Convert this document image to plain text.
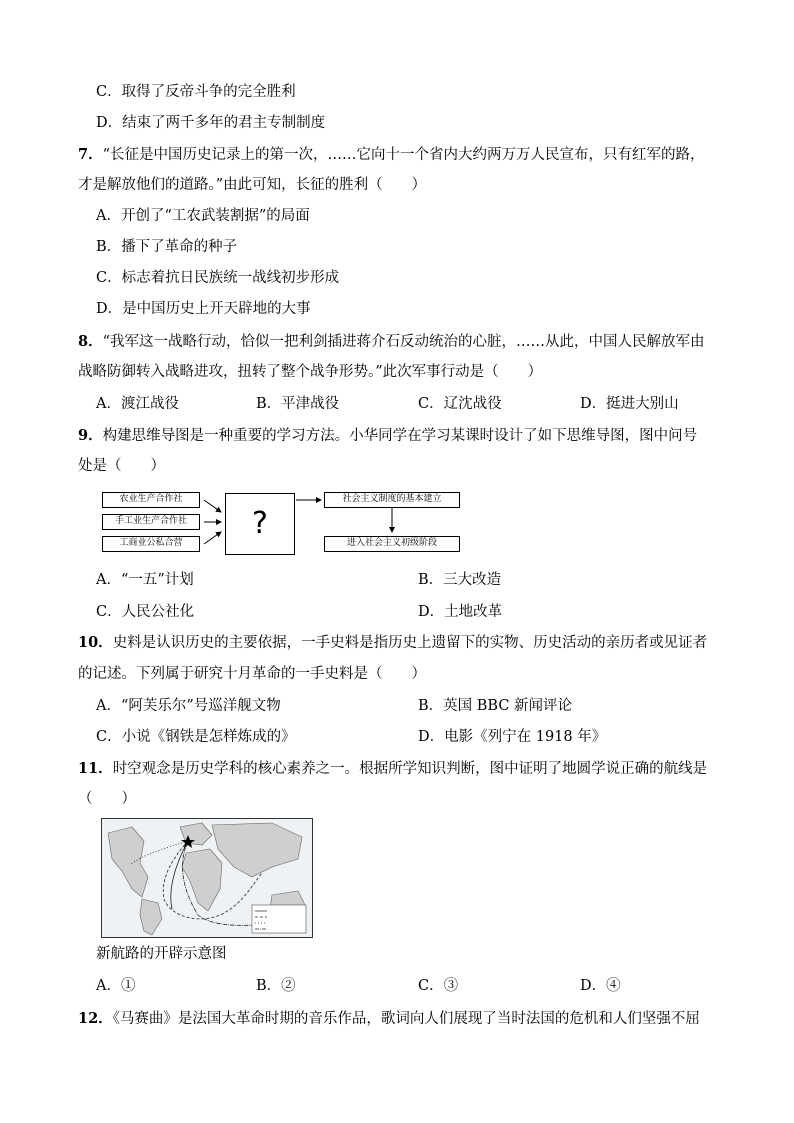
C．取得了反帝斗争的完全胜利
D．结束了两千多年的君主专制制度
7．“长征是中国历史记录上的第一次，……它向十一个省内大约两万万人民宣布，只有红军的路，
才是解放他们的道路。”由此可知，长征的胜利（　　）
A．开创了“工农武装割据”的局面
B．播下了革命的种子
C．标志着抗日民族统一战线初步形成
D．是中国历史上开天辟地的大事
8．“我军这一战略行动，恰似一把利剑插进蒋介石反动统治的心脏，……从此，中国人民解放军由
战略防御转入战略进攻，扭转了整个战争形势。”此次军事行动是（　　）
A．渡江战役	B．平津战役	C．辽沈战役	D．挺进大别山
9．构建思维导图是一种重要的学习方法。小华同学在学习某课时设计了如下思维导图，图中问号
处是（　　）
农业生产合作社
手工业生产合作社
工商业公私合营
?
社会主义制度的基本建立
进入社会主义初级阶段
A．“一五”计划	B．三大改造
C．人民公社化	D．土地改革
10．史料是认识历史的主要依据，一手史料是指历史上遗留下的实物、历史活动的亲历者或见证者
的记述。下列属于研究十月革命的一手史料是（　　）
A．“阿芙乐尔”号巡洋舰文物	B．英国 BBC 新闻评论
C．小说《钢铁是怎样炼成的》	D．电影《列宁在 1918 年》
11．时空观念是历史学科的核心素养之一。根据所学知识判断，图中证明了地圆学说正确的航线是
（　　）
新航路的开辟示意图
A．①	B．②	C．③	D．④
12．《马赛曲》是法国大革命时期的音乐作品，歌词向人们展现了当时法国的危机和人们坚强不屈
